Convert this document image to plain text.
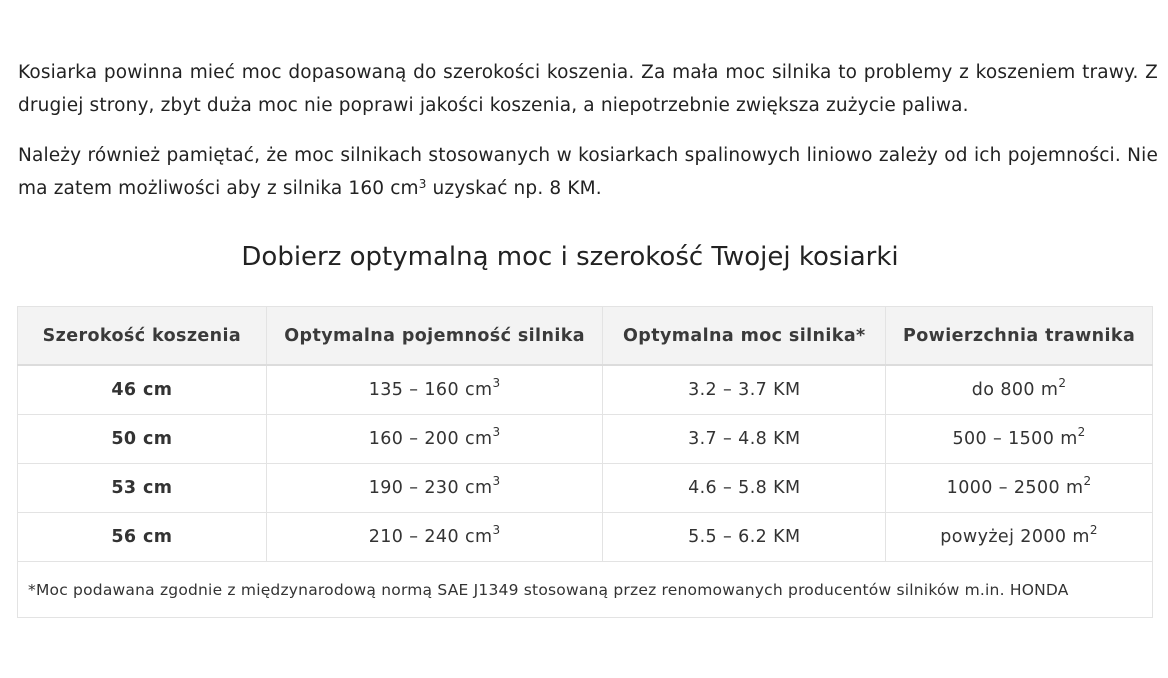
Kosiarka powinna mieć moc dopasowaną do szerokości koszenia. Za mała moc silnika to problemy z koszeniem trawy. Z drugiej strony, zbyt duża moc nie poprawi jakości koszenia, a niepotrzebnie zwiększa zużycie paliwa.

Należy również pamiętać, że moc silnikach stosowanych w kosiarkach spalinowych liniowo zależy od ich pojemności. Nie ma zatem możliwości aby z silnika 160 $cm^3$ uzyskać np. 8 KM.

Dobierz optymalną moc i szerokość Twojej kosiarki
Szerokość koszenia	Optymalna pojemność silnika	Optymalna moc silnika*	Powierzchnia trawnika
46 cm	135 – 160 $cm^3$	3.2 – 3.7 KM	do 800 $m^2$
50 cm	160 – 200 $cm^3$	3.7 – 4.8 KM	500 – 1500 $m^2$
53 cm	190 – 230 $cm^3$	4.6 – 5.8 KM	1000 – 2500 $m^2$
56 cm	210 – 240 $cm^3$	5.5 – 6.2 KM	powyżej 2000 $m^2$
*Moc podawana zgodnie z międzynarodową normą SAE J1349 stosowaną przez renomowanych producentów silników m.in. HONDA			
